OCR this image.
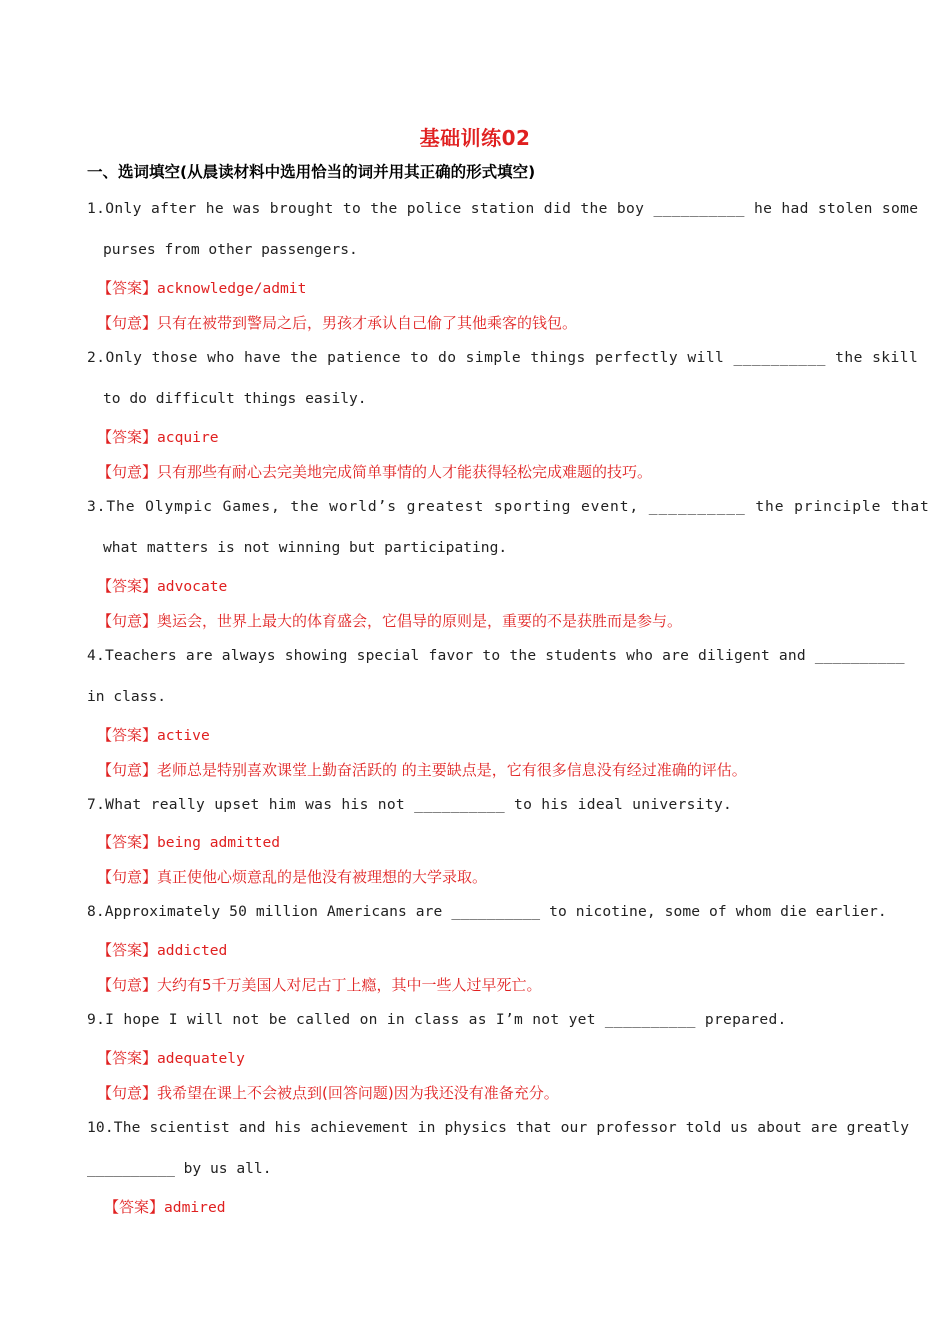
基础训练02
一、选词填空(从晨读材料中选用恰当的词并用其正确的形式填空)
1.Only after he was brought to the police station did the boy __________ he had stolen some
purses from other passengers.
【答案】acknowledge/admit
【句意】只有在被带到警局之后，男孩才承认自己偷了其他乘客的钱包。
2.Only those who have the patience to do simple things perfectly will __________ the skill
to do difficult things easily.
【答案】acquire
【句意】只有那些有耐心去完美地完成简单事情的人才能获得轻松完成难题的技巧。
3.The Olympic Games, the world’s greatest sporting event, __________ the principle that
what matters is not winning but participating.
【答案】advocate
【句意】奥运会，世界上最大的体育盛会，它倡导的原则是，重要的不是获胜而是参与。
4.Teachers are always showing special favor to the students who are diligent and __________
in class.
【答案】active
【句意】老师总是特别喜欢课堂上勤奋活跃的 的主要缺点是，它有很多信息没有经过准确的评估。
7.What really upset him was his not __________ to his ideal university.
【答案】being admitted
【句意】真正使他心烦意乱的是他没有被理想的大学录取。
8.Approximately 50 million Americans are __________ to nicotine, some of whom die earlier.
【答案】addicted
【句意】大约有5千万美国人对尼古丁上瘾，其中一些人过早死亡。
9.I hope I will not be called on in class as I’m not yet __________ prepared.
【答案】adequately
【句意】我希望在课上不会被点到(回答问题)因为我还没有准备充分。
10.The scientist and his achievement in physics that our professor told us about are greatly
__________ by us all.
【答案】admired
